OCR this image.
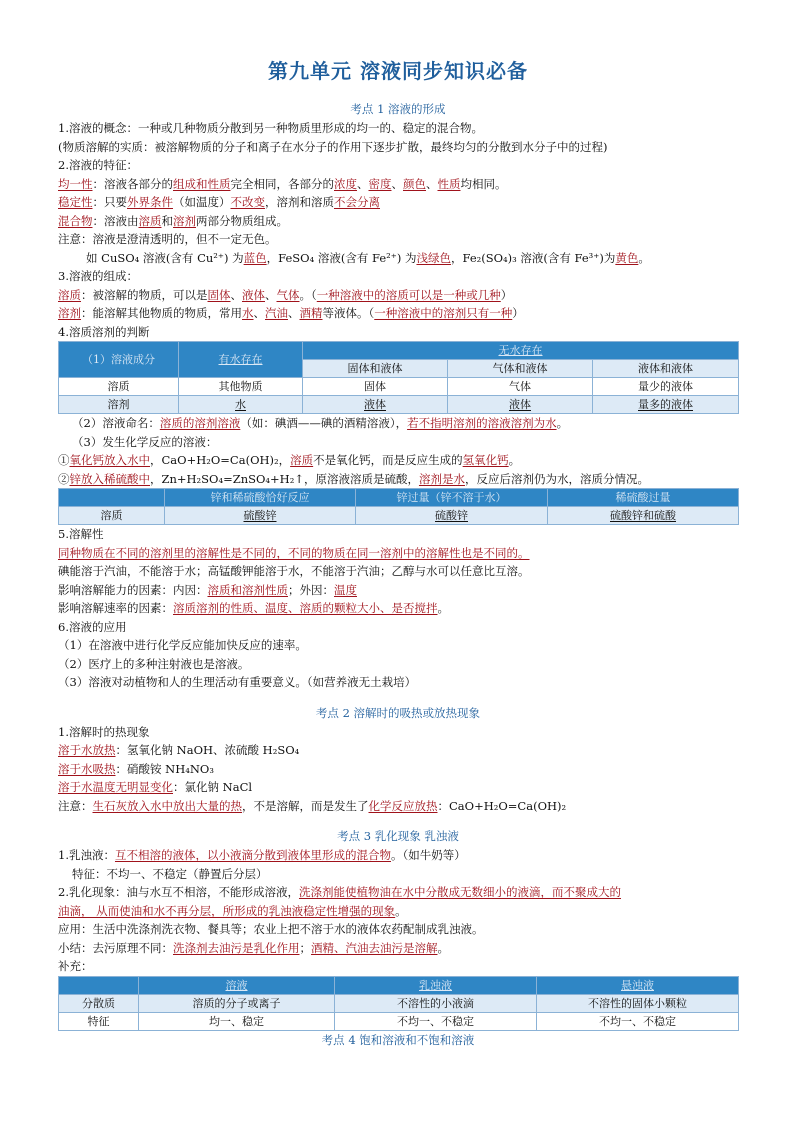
第九单元 溶液同步知识必备
考点 1 溶液的形成
1.溶液的概念：一种或几种物质分散到另一种物质里形成的均一的、稳定的混合物。
(物质溶解的实质：被溶解物质的分子和离子在水分子的作用下逐步扩散，最终均匀的分散到水分子中的过程)
2.溶液的特征：
均一性：溶液各部分的组成和性质完全相同，各部分的浓度、密度、颜色、性质均相同。
稳定性：只要外界条件（如温度）不改变，溶剂和溶质不会分离
混合物：溶液由溶质和溶剂两部分物质组成。
注意：溶液是澄清透明的，但不一定无色。
如 CuSO₄ 溶液(含有 Cu²⁺) 为蓝色，FeSO₄ 溶液(含有 Fe²⁺) 为浅绿色，Fe₂(SO₄)₃ 溶液(含有 Fe³⁺)为黄色。
3.溶液的组成：
溶质：被溶解的物质，可以是固体、液体、气体。（一种溶液中的溶质可以是一种或几种）
溶剂：能溶解其他物质的物质，常用水、汽油、酒精等液体。（一种溶液中的溶剂只有一种）
4.溶质溶剂的判断
（1）溶液成分	有水存在	无水存在		
		固体和液体	气体和液体	液体和液体
溶质	其他物质	固体	气体	量少的液体
溶剂	水	液体	液体	量多的液体
（2）溶液命名：溶质的溶剂溶液（如：碘酒——碘的酒精溶液），若不指明溶剂的溶液溶剂为水。
（3）发生化学反应的溶液：
①氧化钙放入水中，CaO+H₂O=Ca(OH)₂，溶质不是氧化钙，而是反应生成的氢氧化钙。
②锌放入稀硫酸中，Zn+H₂SO₄=ZnSO₄+H₂↑，原溶液溶质是硫酸，溶剂是水，反应后溶剂仍为水，溶质分情况。
	锌和稀硫酸恰好反应	锌过量（锌不溶于水）	稀硫酸过量
溶质	硫酸锌	硫酸锌	硫酸锌和硫酸
5.溶解性
同种物质在不同的溶剂里的溶解性是不同的，不同的物质在同一溶剂中的溶解性也是不同的。
碘能溶于汽油，不能溶于水；高锰酸钾能溶于水，不能溶于汽油；乙醇与水可以任意比互溶。
影响溶解能力的因素：内因：溶质和溶剂性质；外因：温度
影响溶解速率的因素：溶质溶剂的性质、温度、溶质的颗粒大小、是否搅拌。
6.溶液的应用
（1）在溶液中进行化学反应能加快反应的速率。
（2）医疗上的多种注射液也是溶液。
（3）溶液对动植物和人的生理活动有重要意义。（如营养液无土栽培）
考点 2 溶解时的吸热或放热现象
1.溶解时的热现象
溶于水放热：氢氧化钠 NaOH、浓硫酸 H₂SO₄
溶于水吸热：硝酸铵 NH₄NO₃
溶于水温度无明显变化：氯化钠 NaCl
注意：生石灰放入水中放出大量的热，不是溶解，而是发生了化学反应放热：CaO+H₂O=Ca(OH)₂
考点 3 乳化现象 乳浊液
1.乳浊液：互不相溶的液体，以小液滴分散到液体里形成的混合物。（如牛奶等）
特征：不均一、不稳定（静置后分层）
2.乳化现象：油与水互不相溶，不能形成溶液，洗涤剂能使植物油在水中分散成无数细小的液滴，而不聚成大的
油滴， 从而使油和水不再分层，所形成的乳浊液稳定性增强的现象。
应用：生活中洗涤剂洗衣物、餐具等；农业上把不溶于水的液体农药配制成乳浊液。
小结：去污原理不同：洗涤剂去油污是乳化作用；酒精、汽油去油污是溶解。
补充：
	溶液	乳浊液	悬浊液
分散质	溶质的分子或离子	不溶性的小液滴	不溶性的固体小颗粒
特征	均一、稳定	不均一、不稳定	不均一、不稳定
考点 4 饱和溶液和不饱和溶液
